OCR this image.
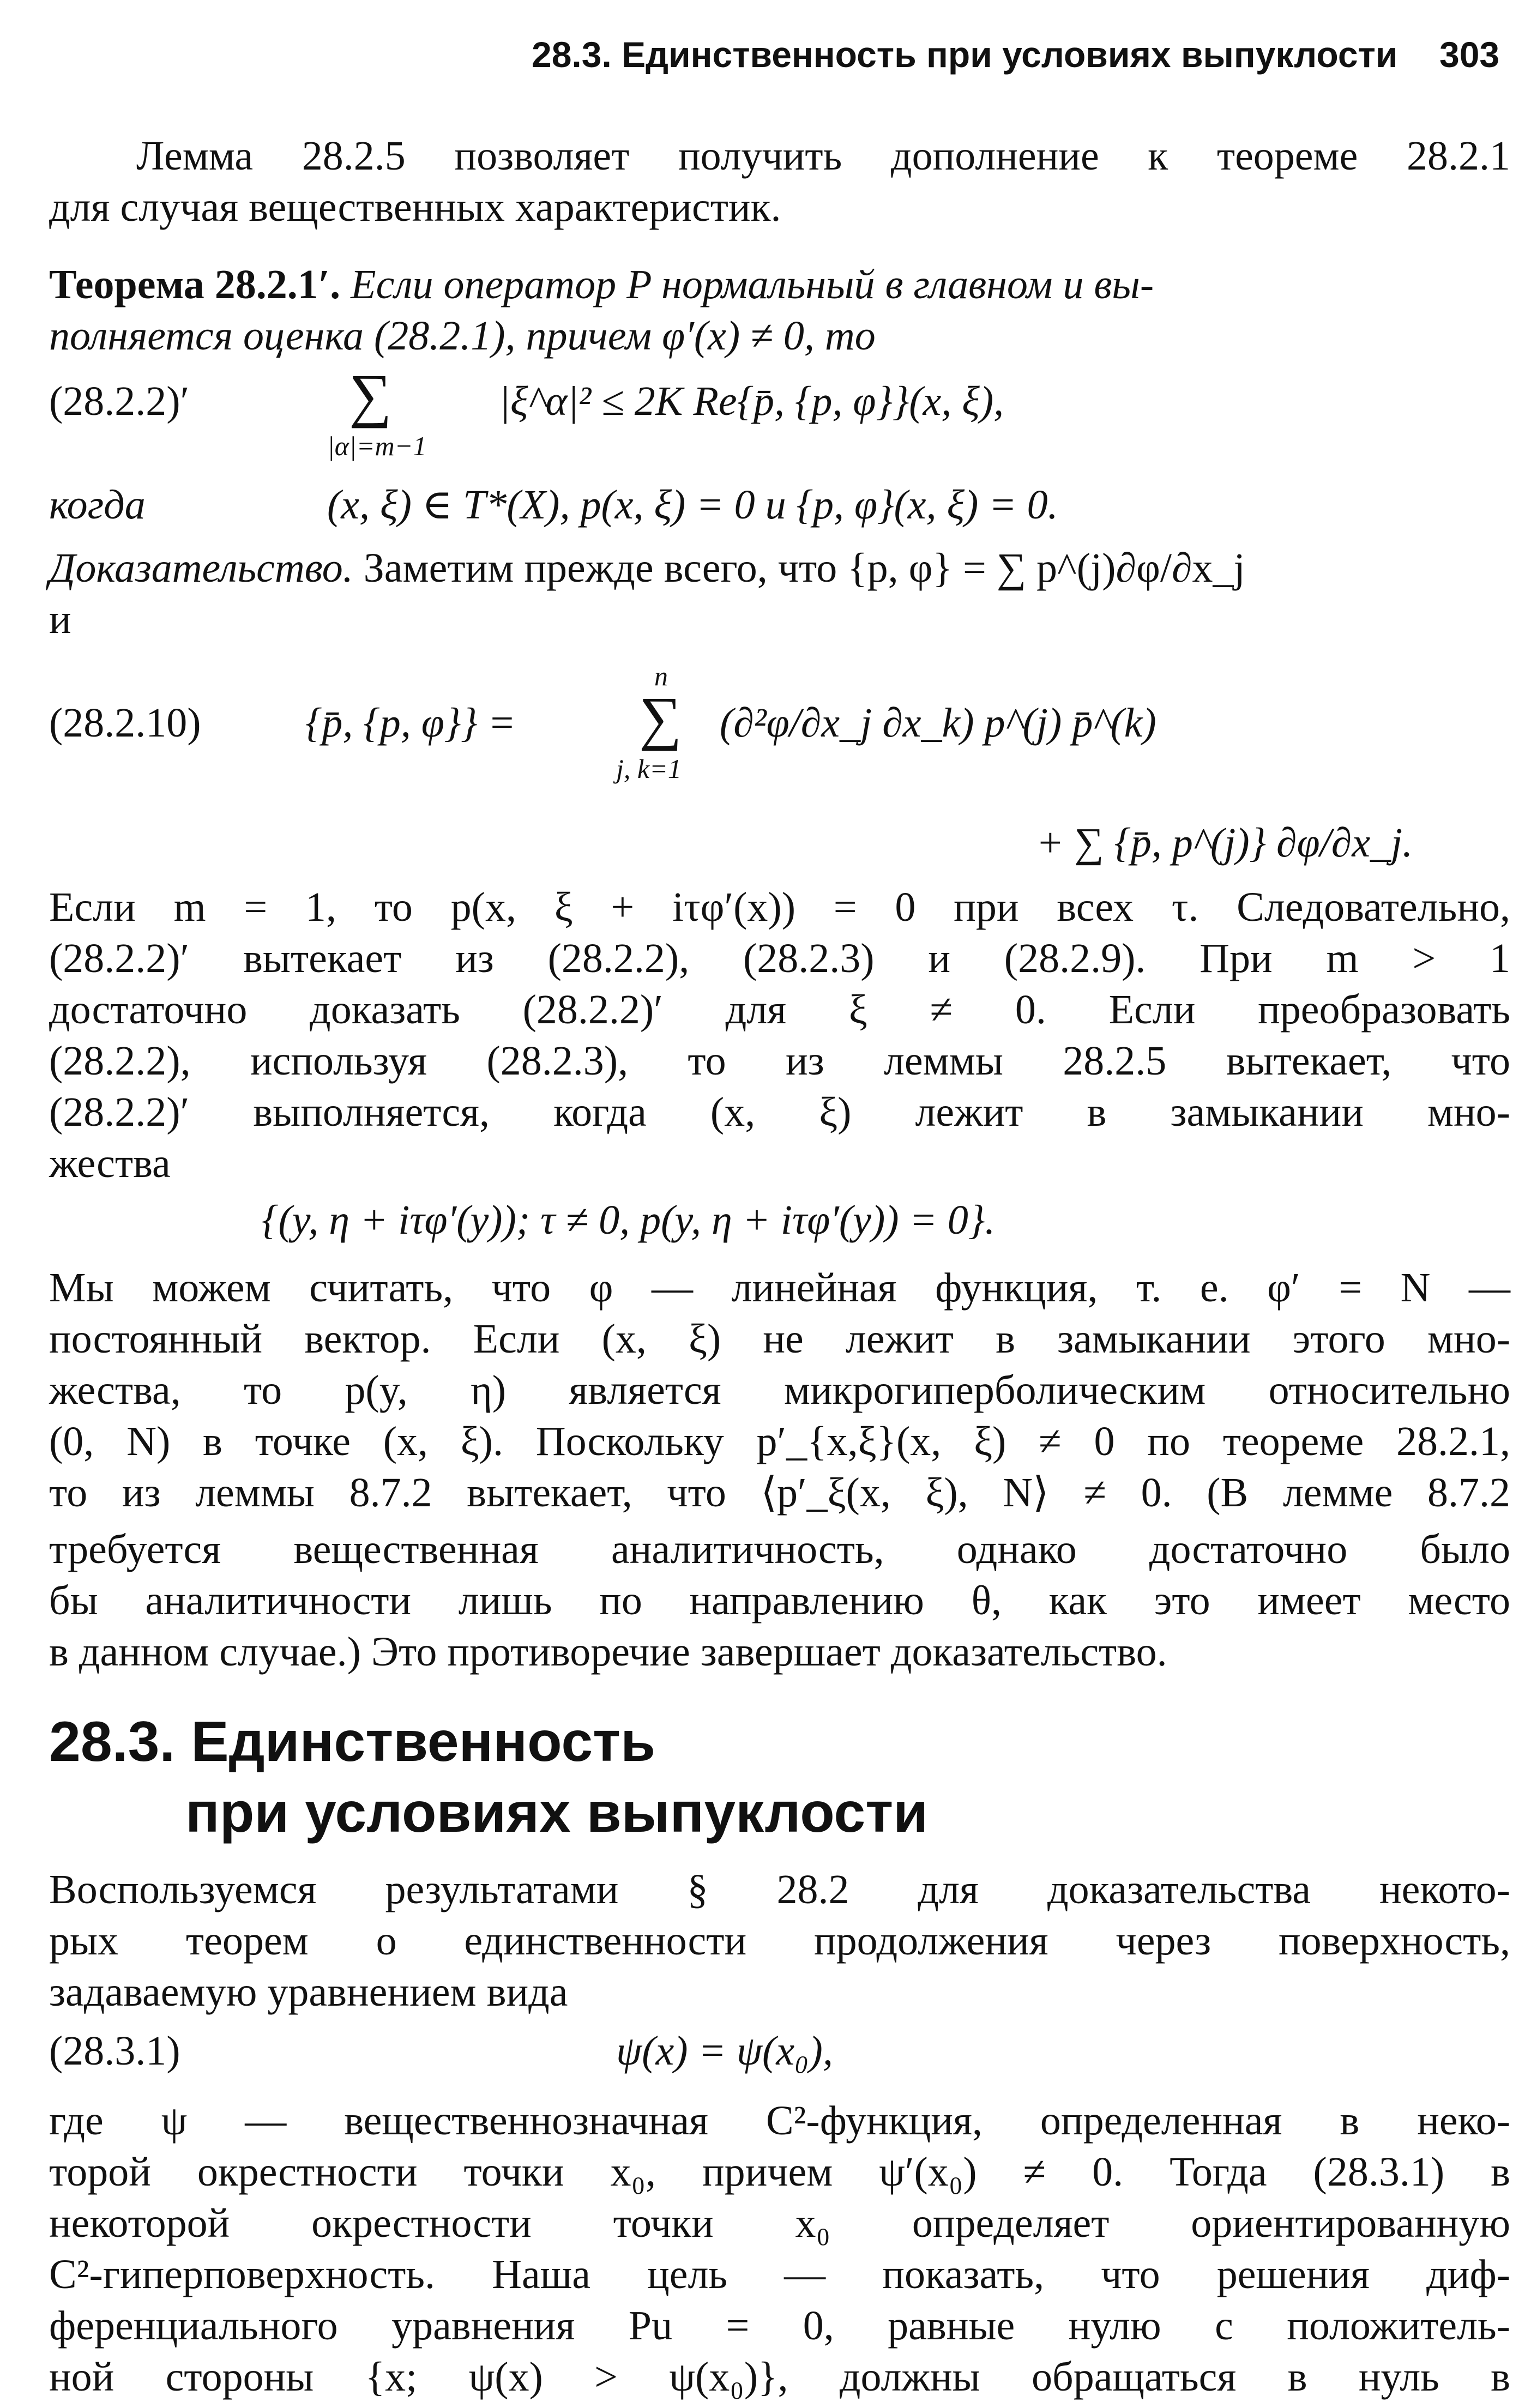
28.3. Единственность при условиях выпуклости 303
Лемма 28.2.5 позволяет получить дополнение к теореме 28.2.1
для случая вещественных характеристик.
Теорема 28.2.1′. Если оператор P нормальный в главном и вы-
полняется оценка (28.2.1), причем φ′(x) ≠ 0, то
(28.2.2)′	∑
|α|=m−1
|ξ^α|² ≤ 2K Re{p̄, {p, φ}}(x, ξ),
когда	(x, ξ) ∈ T*(X), p(x, ξ) = 0 и {p, φ}(x, ξ) = 0.
Доказательство. Заметим прежде всего, что {p, φ} = ∑ p^(j)∂φ/∂x_j
и
(28.2.10)	{p̄, {p, φ}} =
n
∑
j, k=1
(∂²φ/∂x_j ∂x_k) p^(j) p̄^(k)
+ ∑ {p̄, p^(j)} ∂φ/∂x_j.
Если m = 1, то p(x, ξ + iτφ′(x)) = 0 при всех τ. Следовательно,
(28.2.2)′ вытекает из (28.2.2), (28.2.3) и (28.2.9). При m > 1
достаточно доказать (28.2.2)′ для ξ ≠ 0. Если преобразовать
(28.2.2), используя (28.2.3), то из леммы 28.2.5 вытекает, что
(28.2.2)′ выполняется, когда (x, ξ) лежит в замыкании мно-
жества
{(y, η + iτφ′(y)); τ ≠ 0, p(y, η + iτφ′(y)) = 0}.
Мы можем считать, что φ — линейная функция, т. е. φ′ = N —
постоянный вектор. Если (x, ξ) не лежит в замыкании этого мно-
жества, то p(y, η) является микрогиперболическим относительно
(0, N) в точке (x, ξ). Поскольку p′_{x,ξ}(x, ξ) ≠ 0 по теореме 28.2.1,
то из леммы 8.7.2 вытекает, что ⟨p′_ξ(x, ξ), N⟩ ≠ 0. (В лемме 8.7.2
требуется вещественная аналитичность, однако достаточно было
бы аналитичности лишь по направлению θ, как это имеет место
в данном случае.) Это противоречие завершает доказательство.
28.3. Единственность
при условиях выпуклости
Воспользуемся результатами § 28.2 для доказательства некото-
рых теорем о единственности продолжения через поверхность,
задаваемую уравнением вида
(28.3.1)	ψ(x) = ψ(x₀),
где ψ — вещественнозначная C²-функция, определенная в неко-
торой окрестности точки x₀, причем ψ′(x₀) ≠ 0. Тогда (28.3.1) в
некоторой окрестности точки x₀ определяет ориентированную
C²-гиперповерхность. Наша цель — показать, что решения диф-
ференциального уравнения Pu = 0, равные нулю с положитель-
ной стороны {x; ψ(x) > ψ(x₀)}, должны обращаться в нуль в
